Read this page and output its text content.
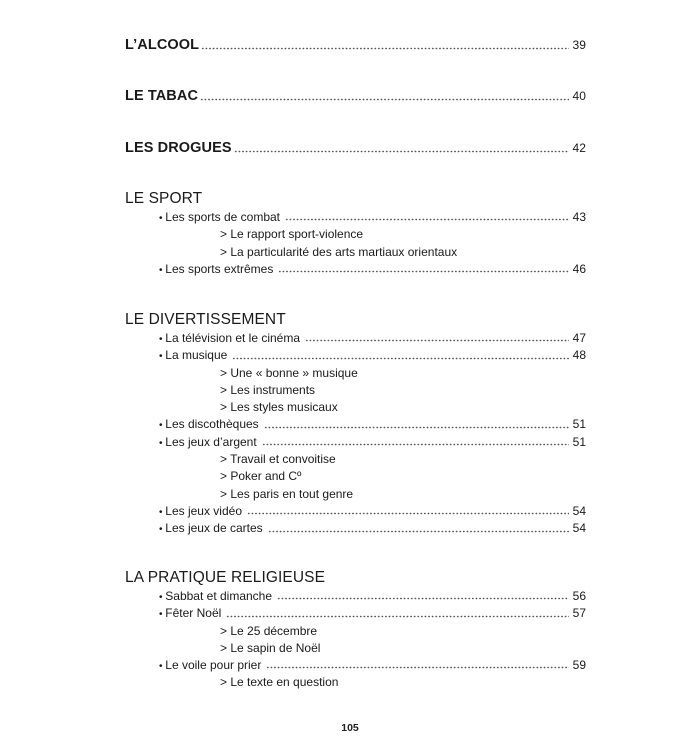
L’ALCOOL	39
LE TABAC	40
LES DROGUES	42
LE SPORT
• Les sports de combat	43
> Le rapport sport-violence
> La particularité des arts martiaux orientaux
• Les sports extrêmes	46
LE DIVERTISSEMENT
• La télévision et le cinéma	47
• La musique	48
> Une « bonne » musique
> Les instruments
> Les styles musicaux
• Les discothèques	51
• Les jeux d’argent	51
> Travail et convoitise
> Poker and Cº
> Les paris en tout genre
• Les jeux vidéo	54
• Les jeux de cartes	54
LA PRATIQUE RELIGIEUSE
• Sabbat et dimanche	56
• Fêter Noël	57
> Le 25 décembre
> Le sapin de Noël
• Le voile pour prier	59
> Le texte en question
105
